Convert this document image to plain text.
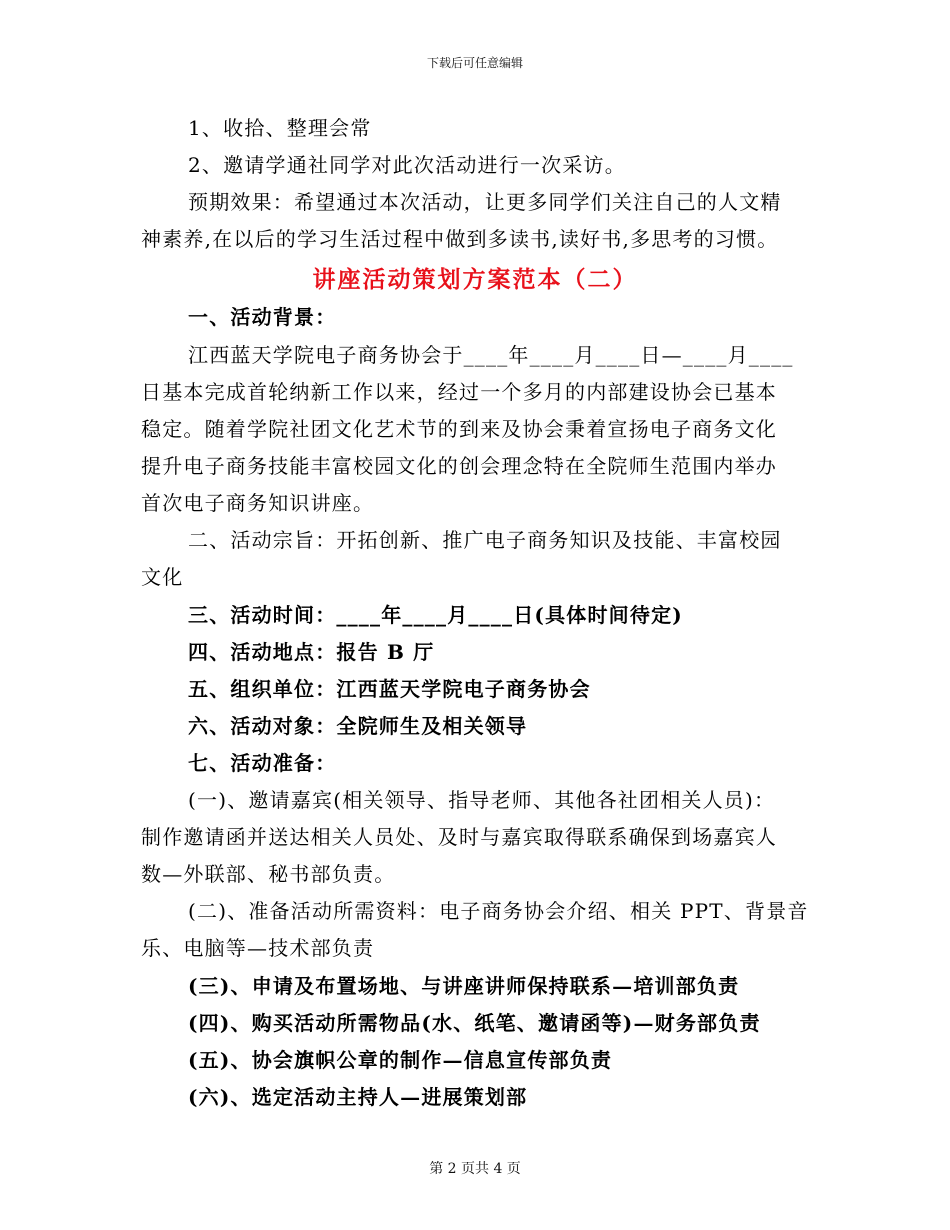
下载后可任意编辑
1、收拾、整理会常
2、邀请学通社同学对此次活动进行一次采访。
预期效果：希望通过本次活动，让更多同学们关注自己的人文精
神素养,在以后的学习生活过程中做到多读书,读好书,多思考的习惯。
讲座活动策划方案范本（二）
一、活动背景：
江西蓝天学院电子商务协会于____年____月____日—____月____
日基本完成首轮纳新工作以来，经过一个多月的内部建设协会已基本
稳定。随着学院社团文化艺术节的到来及协会秉着宣扬电子商务文化
提升电子商务技能丰富校园文化的创会理念特在全院师生范围内举办
首次电子商务知识讲座。
二、活动宗旨：开拓创新、推广电子商务知识及技能、丰富校园
文化
三、活动时间：____年____月____日(具体时间待定)
四、活动地点：报告 B 厅
五、组织单位：江西蓝天学院电子商务协会
六、活动对象：全院师生及相关领导
七、活动准备：
(一)、邀请嘉宾(相关领导、指导老师、其他各社团相关人员)：
制作邀请函并送达相关人员处、及时与嘉宾取得联系确保到场嘉宾人
数—外联部、秘书部负责。
(二)、准备活动所需资料：电子商务协会介绍、相关 PPT、背景音
乐、电脑等—技术部负责
(三)、申请及布置场地、与讲座讲师保持联系—培训部负责
(四)、购买活动所需物品(水、纸笔、邀请函等)—财务部负责
(五)、协会旗帜公章的制作—信息宣传部负责
(六)、选定活动主持人—进展策划部
第 2 页共 4 页
